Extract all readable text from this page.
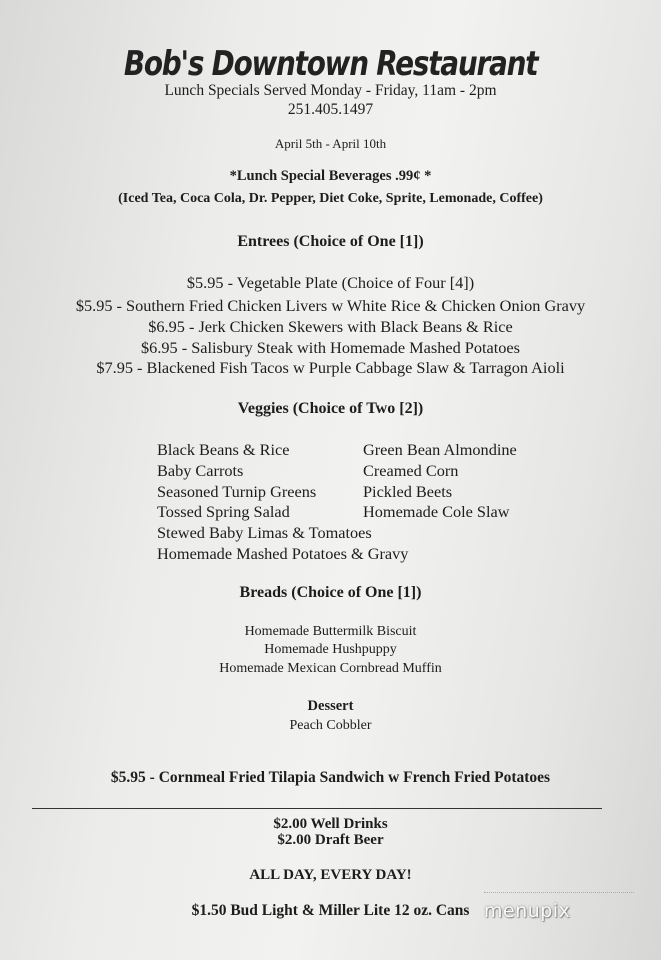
Bob's Downtown Restaurant
Lunch Specials Served Monday - Friday, 11am - 2pm
251.405.1497
April 5th - April 10th
*Lunch Special Beverages .99¢ *
(Iced Tea, Coca Cola, Dr. Pepper, Diet Coke, Sprite, Lemonade, Coffee)
Entrees (Choice of One [1])
$5.95 - Vegetable Plate (Choice of Four [4])
$5.95 - Southern Fried Chicken Livers w White Rice & Chicken Onion Gravy
$6.95 - Jerk Chicken Skewers with Black Beans & Rice
$6.95 - Salisbury Steak with Homemade Mashed Potatoes
$7.95 - Blackened Fish Tacos w Purple Cabbage Slaw & Tarragon Aioli
Veggies (Choice of Two [2])
Black Beans & Rice
Baby Carrots
Seasoned Turnip Greens
Tossed Spring Salad
Stewed Baby Limas & Tomatoes
Homemade Mashed Potatoes & Gravy
Green Bean Almondine
Creamed Corn
Pickled Beets
Homemade Cole Slaw
Breads (Choice of One [1])
Homemade Buttermilk Biscuit
Homemade Hushpuppy
Homemade Mexican Cornbread Muffin
Dessert
Peach Cobbler
$5.95 - Cornmeal Fried Tilapia Sandwich w French Fried Potatoes
$2.00 Well Drinks
$2.00 Draft Beer
ALL DAY, EVERY DAY!
$1.50 Bud Light & Miller Lite 12 oz. Cans menupix
